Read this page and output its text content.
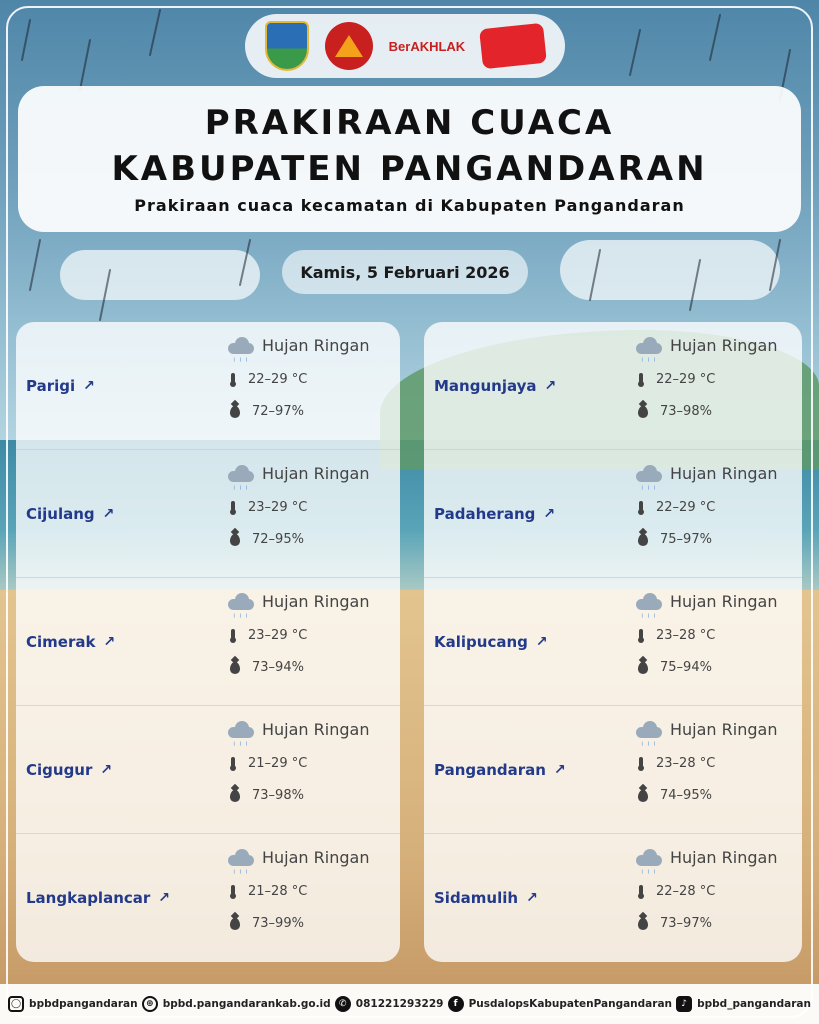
BerAKHLAK
PRAKIRAAN CUACA
KABUPATEN PANGANDARAN
Prakiraan cuaca kecamatan di Kabupaten Pangandaran
Kamis, 5 Februari 2026
Parigi ↗
╷╷╷
Hujan Ringan
22–29 °C
72–97%
Cijulang ↗
╷╷╷
Hujan Ringan
23–29 °C
72–95%
Cimerak ↗
╷╷╷
Hujan Ringan
23–29 °C
73–94%
Cigugur ↗
╷╷╷
Hujan Ringan
21–29 °C
73–98%
Langkaplancar ↗
╷╷╷
Hujan Ringan
21–28 °C
73–99%
Mangunjaya ↗
╷╷╷
Hujan Ringan
22–29 °C
73–98%
Padaherang ↗
╷╷╷
Hujan Ringan
22–29 °C
75–97%
Kalipucang ↗
╷╷╷
Hujan Ringan
23–28 °C
75–94%
Pangandaran ↗
╷╷╷
Hujan Ringan
23–28 °C
74–95%
Sidamulih ↗
╷╷╷
Hujan Ringan
22–28 °C
73–97%
◯ bpbdpangandaran ⊕ bpbd.pangandarankab.go.id ✆ 081221293229	f	PusdalopsKabupatenPangandaran	♪ bpbd_pangandaran
